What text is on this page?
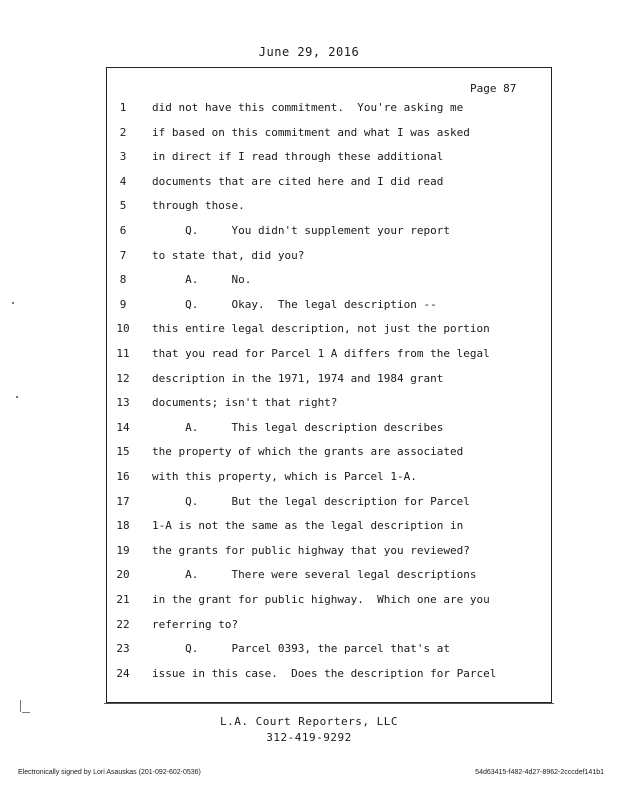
June 29, 2016
Page 87
1	did not have this commitment.  You're asking me
2	if based on this commitment and what I was asked
3	in direct if I read through these additional
4	documents that are cited here and I did read
5	through those.
6	Q.     You didn't supplement your report
7	to state that, did you?
8	A.     No.
9	Q.     Okay.  The legal description --
10	this entire legal description, not just the portion
11	that you read for Parcel 1 A differs from the legal
12	description in the 1971, 1974 and 1984 grant
13	documents; isn't that right?
14	A.     This legal description describes
15	the property of which the grants are associated
16	with this property, which is Parcel 1-A.
17	Q.     But the legal description for Parcel
18	1-A is not the same as the legal description in
19	the grants for public highway that you reviewed?
20	A.     There were several legal descriptions
21	in the grant for public highway.  Which one are you
22	referring to?
23	Q.     Parcel 0393, the parcel that's at
24	issue in this case.  Does the description for Parcel
L.A. Court Reporters, LLC
312-419-9292
Electronically signed by Lori Asauskas (201-092-602-0536)	54d63415-f482-4d27-8962-2cccdef141b1
